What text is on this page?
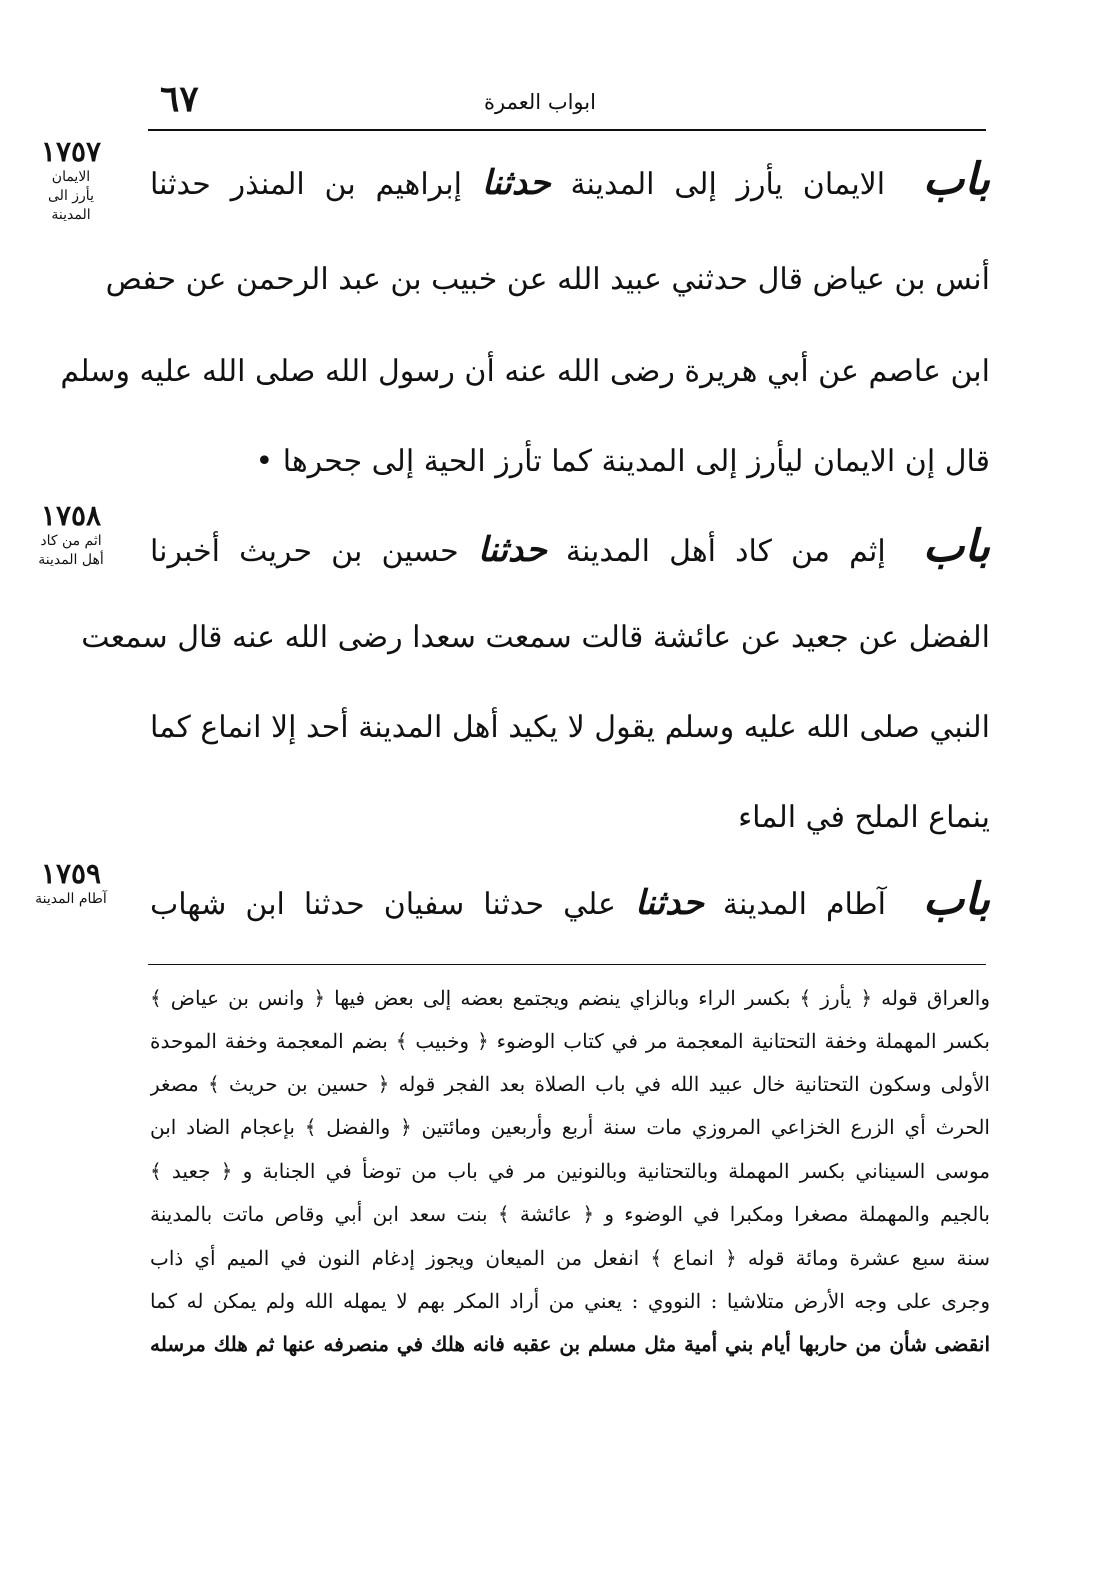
٦٧	ابواب العمرة
١٧٥٧
الايمان
يأرز الى
المدينة
باب الايمان يأرز إلى المدينة حدثنا إبراهيم بن المنذر حدثنا
أنس بن عياض قال حدثني عبيد الله عن خبيب بن عبد الرحمن عن حفص
ابن عاصم عن أبي هريرة رضى الله عنه أن رسول الله صلى الله عليه وسلم
قال إن الايمان ليأرز إلى المدينة كما تأرز الحية إلى جحرها •
١٧٥٨
اثم من كاد
أهل المدينة	باب إثم من كاد أهل المدينة حدثنا حسين بن حريث أخبرنا
الفضل عن جعيد عن عائشة قالت سمعت سعدا رضى الله عنه قال سمعت
النبي صلى الله عليه وسلم يقول لا يكيد أهل المدينة أحد إلا انماع كما
ينماع الملح في الماء
١٧٥٩
آطام المدينة	باب آطام المدينة حدثنا علي حدثنا سفيان حدثنا ابن شهاب
والعراق قوله ﴿ يأرز ﴾ بكسر الراء وبالزاي ينضم ويجتمع بعضه إلى بعض فيها ﴿ وانس بن عياض ﴾
بكسر المهملة وخفة التحتانية المعجمة مر في كتاب الوضوء ﴿ وخبيب ﴾ بضم المعجمة وخفة الموحدة
الأولى وسكون التحتانية خال عبيد الله في باب الصلاة بعد الفجر قوله ﴿ حسين بن حريث ﴾ مصغر
الحرث أي الزرع الخزاعي المروزي مات سنة أربع وأربعين ومائتين ﴿ والفضل ﴾ بإعجام الضاد ابن
موسى السيناني بكسر المهملة وبالتحتانية وبالنونين مر في باب من توضأ في الجنابة و ﴿ جعيد ﴾
بالجيم والمهملة مصغرا ومكبرا في الوضوء و ﴿ عائشة ﴾ بنت سعد ابن أبي وقاص ماتت بالمدينة
سنة سبع عشرة ومائة قوله ﴿ انماع ﴾ انفعل من الميعان ويجوز إدغام النون في الميم أي ذاب
وجرى على وجه الأرض متلاشيا : النووي : يعني من أراد المكر بهم لا يمهله الله ولم يمكن له كما
انقضى شأن من حاربها أيام بني أمية مثل مسلم بن عقبه فانه هلك في منصرفه عنها ثم هلك مرسله
